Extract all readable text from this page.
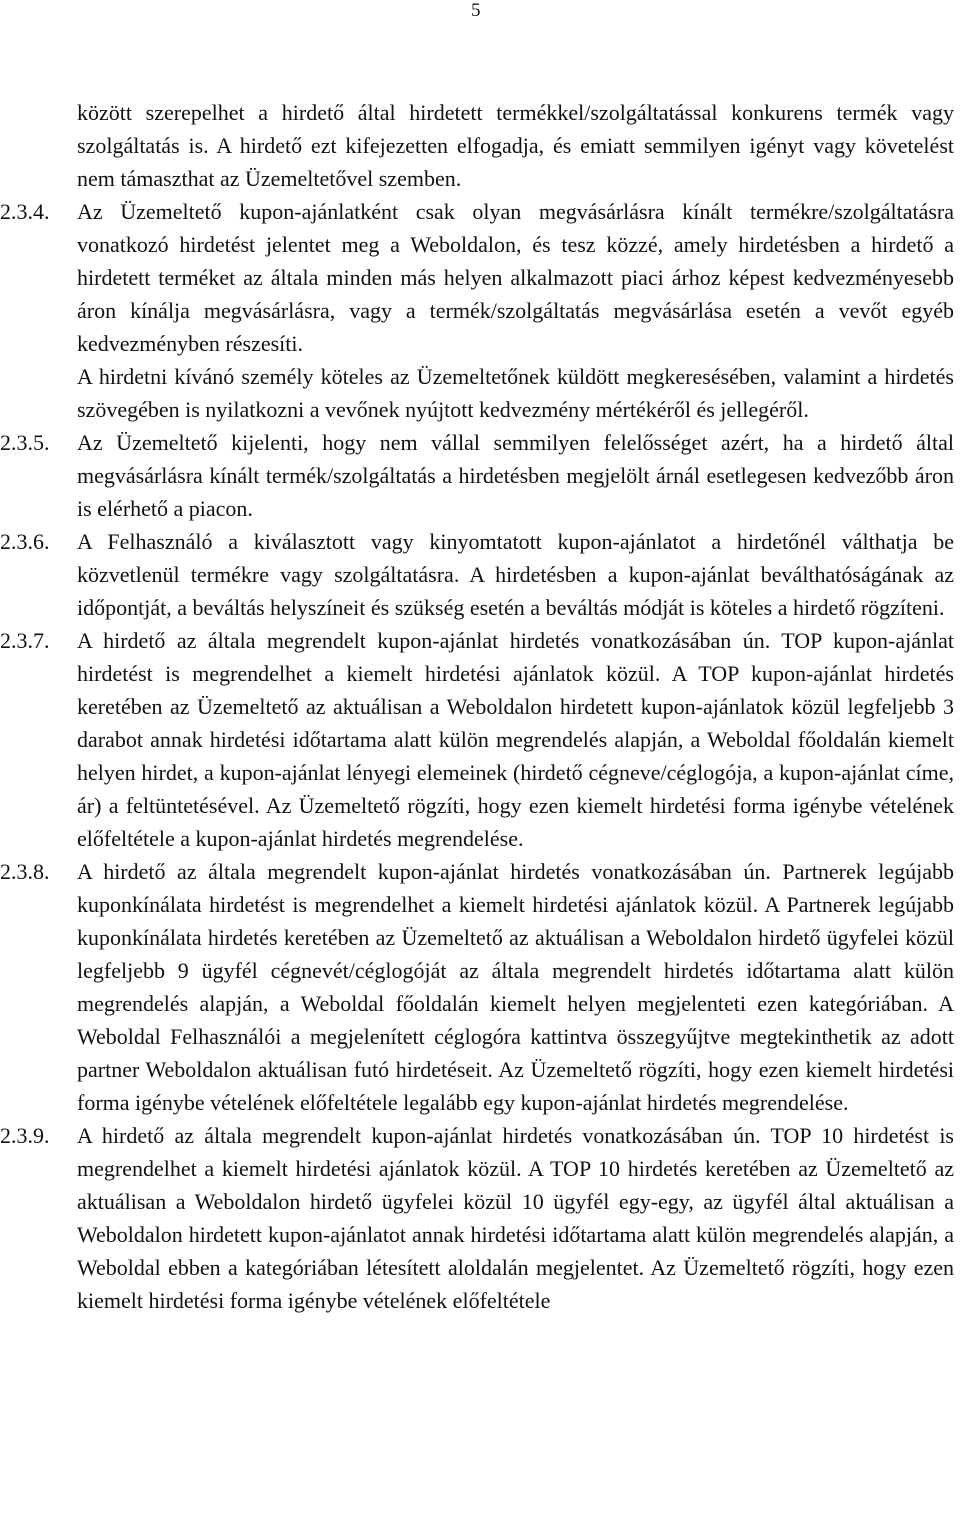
5

között szerepelhet a hirdető által hirdetett termékkel/szolgáltatással konkurens termék vagy szolgáltatás is. A hirdető ezt kifejezetten elfogadja, és emiatt semmilyen igényt vagy követelést nem támaszthat az Üzemeltetővel szemben.

2.3.4.	Az Üzemeltető kupon-ajánlatként csak olyan megvásárlásra kínált termékre/szolgáltatásra vonatkozó hirdetést jelentet meg a Weboldalon, és tesz közzé, amely hirdetésben a hirdető a hirdetett terméket az általa minden más helyen alkalmazott piaci árhoz képest kedvezményesebb áron kínálja megvásárlásra, vagy a termék/szolgáltatás megvásárlása esetén a vevőt egyéb kedvezményben részesíti.

A hirdetni kívánó személy köteles az Üzemeltetőnek küldött megkeresésében, valamint a hirdetés szövegében is nyilatkozni a vevőnek nyújtott kedvezmény mértékéről és jellegéről.

2.3.5.	Az Üzemeltető kijelenti, hogy nem vállal semmilyen felelősséget azért, ha a hirdető által megvásárlásra kínált termék/szolgáltatás a hirdetésben megjelölt árnál esetlegesen kedvezőbb áron is elérhető a piacon.

2.3.6.	A Felhasználó a kiválasztott vagy kinyomtatott kupon-ajánlatot a hirdetőnél válthatja be közvetlenül termékre vagy szolgáltatásra. A hirdetésben a kupon-ajánlat beválthatóságának az időpontját, a beváltás helyszíneit és szükség esetén a beváltás módját is köteles a hirdető rögzíteni.

2.3.7.	A hirdető az általa megrendelt kupon-ajánlat hirdetés vonatkozásában ún. TOP kupon-ajánlat hirdetést is megrendelhet a kiemelt hirdetési ajánlatok közül. A TOP kupon-ajánlat hirdetés keretében az Üzemeltető az aktuálisan a Weboldalon hirdetett kupon-ajánlatok közül legfeljebb 3 darabot annak hirdetési időtartama alatt külön megrendelés alapján, a Weboldal főoldalán kiemelt helyen hirdet, a kupon-ajánlat lényegi elemeinek (hirdető cégneve/céglogója, a kupon-ajánlat címe, ár) a feltüntetésével. Az Üzemeltető rögzíti, hogy ezen kiemelt hirdetési forma igénybe vételének előfeltétele a kupon-ajánlat hirdetés megrendelése.

2.3.8.	A hirdető az általa megrendelt kupon-ajánlat hirdetés vonatkozásában ún. Partnerek legújabb kuponkínálata hirdetést is megrendelhet a kiemelt hirdetési ajánlatok közül. A Partnerek legújabb kuponkínálata hirdetés keretében az Üzemeltető az aktuálisan a Weboldalon hirdető ügyfelei közül legfeljebb 9 ügyfél cégnevét/céglogóját az általa megrendelt hirdetés időtartama alatt külön megrendelés alapján, a Weboldal főoldalán kiemelt helyen megjelenteti ezen kategóriában. A Weboldal Felhasználói a megjelenített céglogóra kattintva összegyűjtve megtekinthetik az adott partner Weboldalon aktuálisan futó hirdetéseit. Az Üzemeltető rögzíti, hogy ezen kiemelt hirdetési forma igénybe vételének előfeltétele legalább egy kupon-ajánlat hirdetés megrendelése.

2.3.9.	A hirdető az általa megrendelt kupon-ajánlat hirdetés vonatkozásában ún. TOP 10 hirdetést is megrendelhet a kiemelt hirdetési ajánlatok közül. A TOP 10 hirdetés keretében az Üzemeltető az aktuálisan a Weboldalon hirdető ügyfelei közül 10 ügyfél egy-egy, az ügyfél által aktuálisan a Weboldalon hirdetett kupon-ajánlatot annak hirdetési időtartama alatt külön megrendelés alapján, a Weboldal ebben a kategóriában létesített aloldalán megjelentet. Az Üzemeltető rögzíti, hogy ezen kiemelt hirdetési forma igénybe vételének előfeltétele
